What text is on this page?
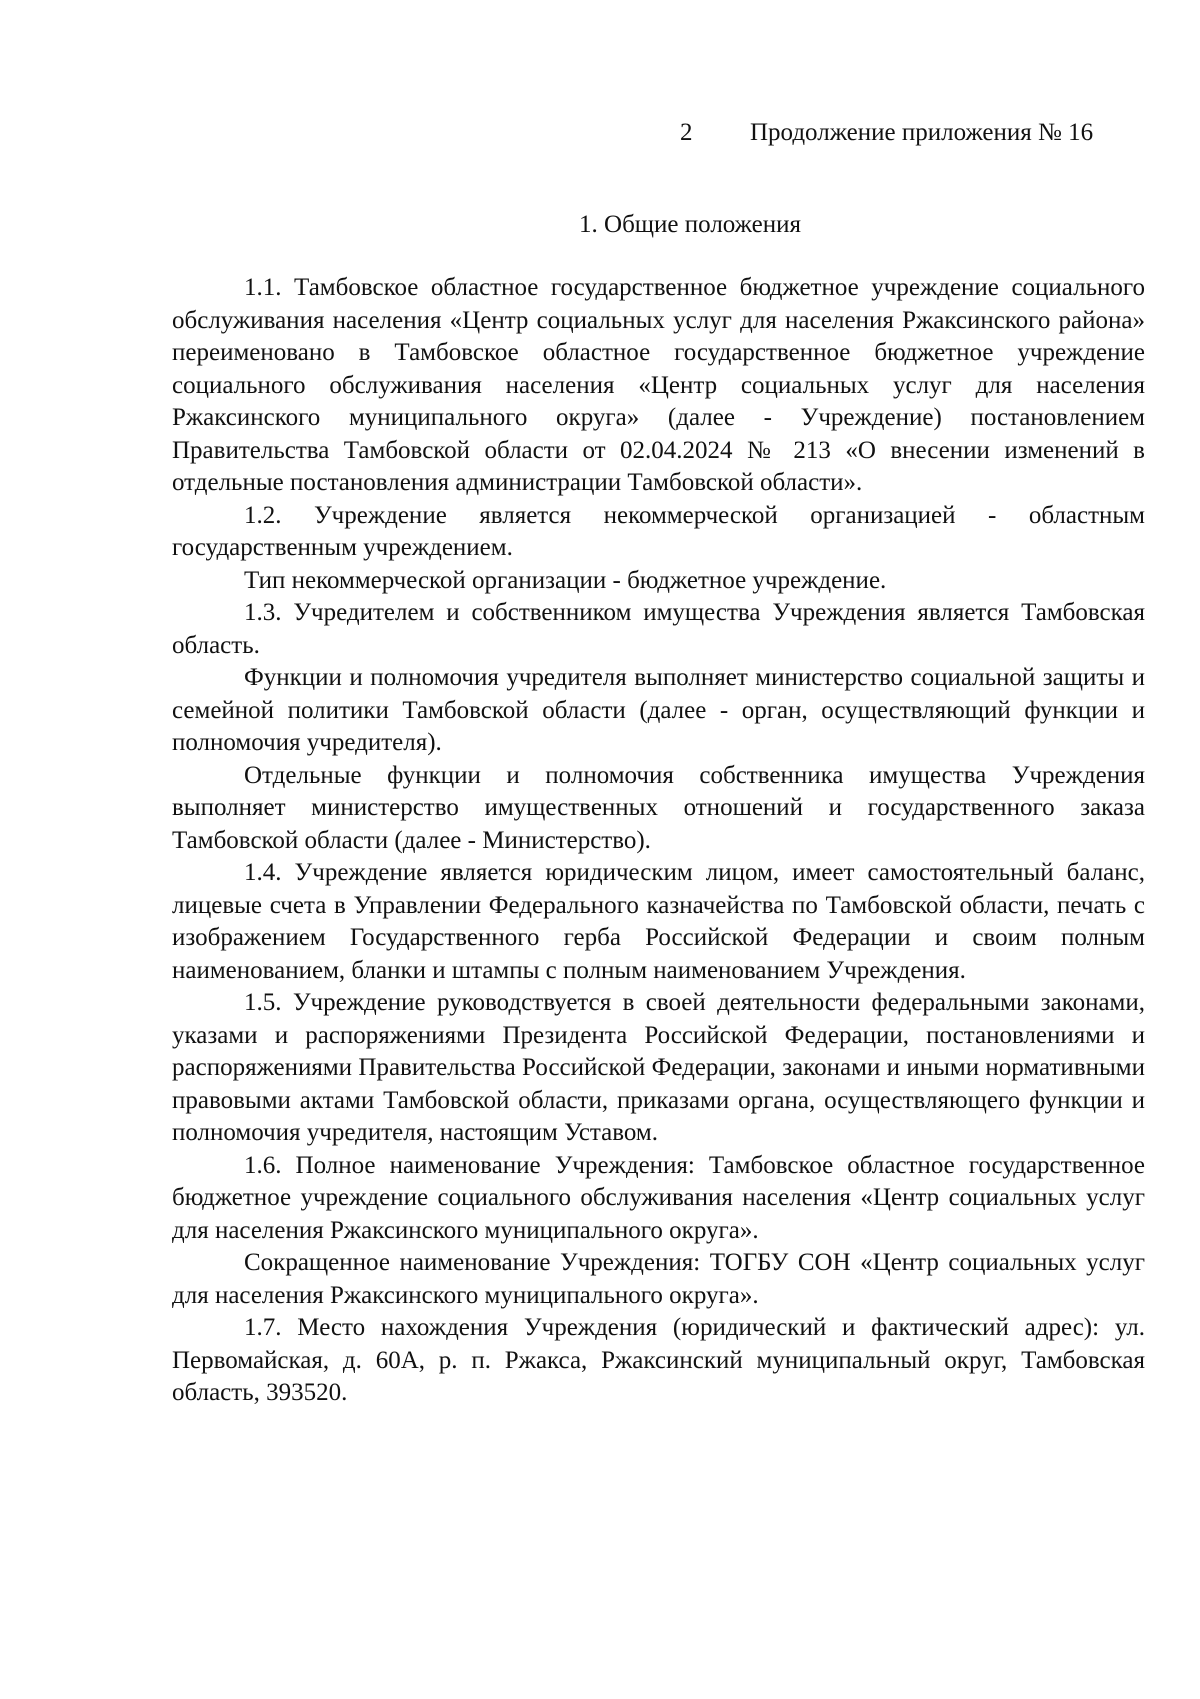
2 Продолжение приложения № 16
1. Общие положения

1.1. Тамбовское областное государственное бюджетное учреждение социального обслуживания населения «Центр социальных услуг для населения Ржаксинского района» переименовано в Тамбовское областное государственное бюджетное учреждение социального обслуживания населения «Центр социальных услуг для населения Ржаксинского муниципального округа» (далее - Учреждение) постановлением Правительства Тамбовской области от 02.04.2024 № 213 «О внесении изменений в отдельные постановления администрации Тамбовской области».

1.2. Учреждение является некоммерческой организацией - областным государственным учреждением.

Тип некоммерческой организации - бюджетное учреждение.

1.3. Учредителем и собственником имущества Учреждения является Тамбовская область.

Функции и полномочия учредителя выполняет министерство социальной защиты и семейной политики Тамбовской области (далее - орган, осуществляющий функции и полномочия учредителя).

Отдельные функции и полномочия собственника имущества Учреждения выполняет министерство имущественных отношений и государственного заказа Тамбовской области (далее - Министерство).

1.4. Учреждение является юридическим лицом, имеет самостоятельный баланс, лицевые счета в Управлении Федерального казначейства по Тамбовской области, печать с изображением Государственного герба Российской Федерации и своим полным наименованием, бланки и штампы с полным наименованием Учреждения.

1.5. Учреждение руководствуется в своей деятельности федеральными законами, указами и распоряжениями Президента Российской Федерации, постановлениями и распоряжениями Правительства Российской Федерации, законами и иными нормативными правовыми актами Тамбовской области, приказами органа, осуществляющего функции и полномочия учредителя, настоящим Уставом.

1.6. Полное наименование Учреждения: Тамбовское областное государственное бюджетное учреждение социального обслуживания населения «Центр социальных услуг для населения Ржаксинского муниципального округа».

Сокращенное наименование Учреждения: ТОГБУ СОН «Центр социальных услуг для населения Ржаксинского муниципального округа».

1.7. Место нахождения Учреждения (юридический и фактический адрес): ул. Первомайская, д. 60А, р. п. Ржакса, Ржаксинский муниципальный округ, Тамбовская область, 393520.
